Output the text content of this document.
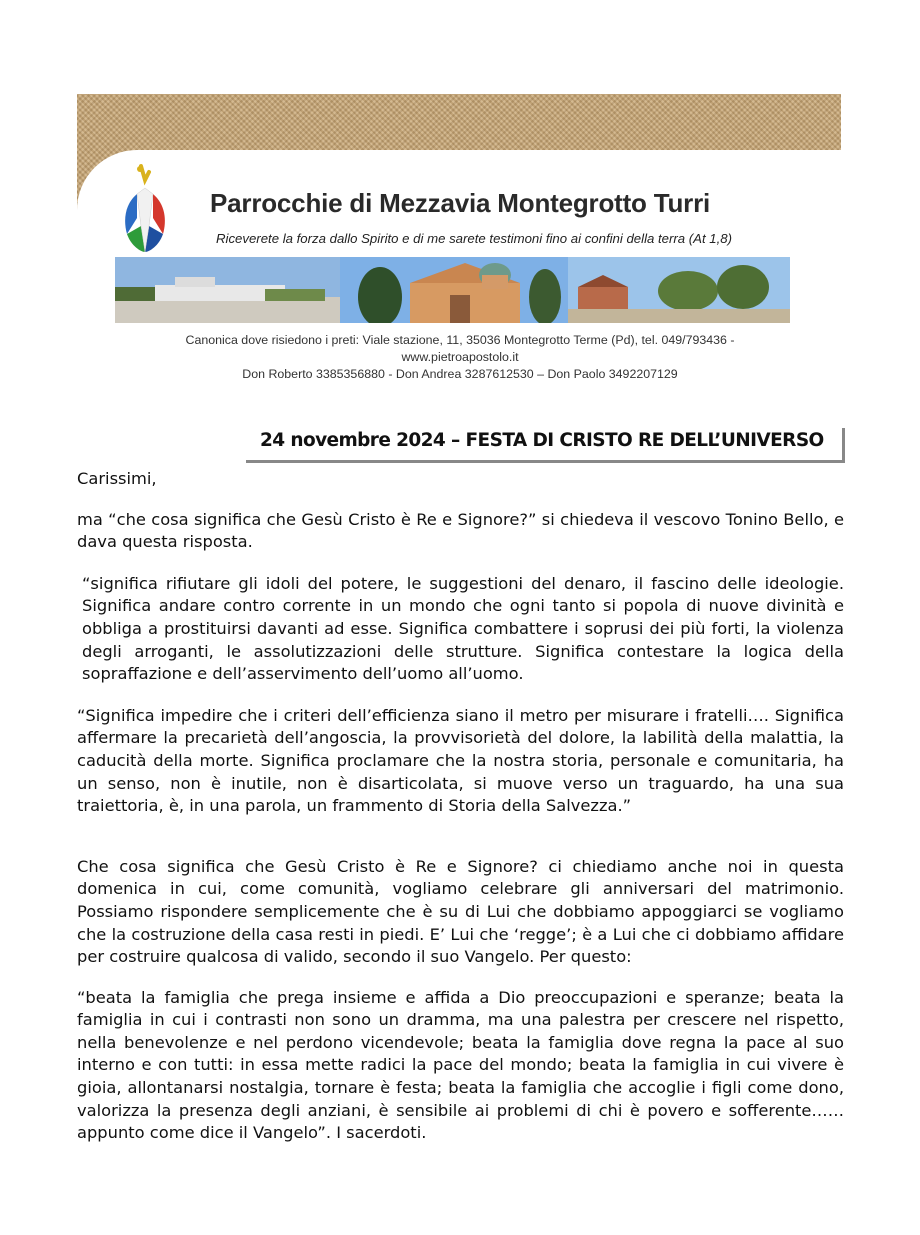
Parrocchie di Mezzavia Montegrotto Turri
Riceverete la forza dallo Spirito e di me sarete testimoni fino ai confini della terra (At 1,8)
Canonica dove risiedono i preti: Viale stazione, 11, 35036 Montegrotto Terme (Pd), tel. 049/793436 -
www.pietroapostolo.it
Don Roberto 3385356880 - Don Andrea 3287612530 – Don Paolo 3492207129
24 novembre 2024 – FESTA DI CRISTO RE DELL’UNIVERSO

Carissimi,

ma “che cosa significa che Gesù Cristo è Re e Signore?” si chiedeva il vescovo Tonino Bello, e dava questa risposta.

“significa rifiutare gli idoli del potere, le suggestioni del denaro, il fascino delle ideologie. Significa andare contro corrente in un mondo che ogni tanto si popola di nuove divinità e obbliga a prostituirsi davanti ad esse. Significa combattere i soprusi dei più forti, la violenza degli arroganti, le assolutizzazioni delle strutture. Significa contestare la logica della sopraffazione e dell’asservimento dell’uomo all’uomo.

“Significa impedire che i criteri dell’efficienza siano il metro per misurare i fratelli…. Significa affermare la precarietà dell’angoscia, la provvisorietà del dolore, la labilità della malattia, la caducità della morte. Significa proclamare che la nostra storia, personale e comunitaria, ha un senso, non è inutile, non è disarticolata, si muove verso un traguardo, ha una sua traiettoria, è, in una parola, un frammento di Storia della Salvezza.”

Che cosa significa che Gesù Cristo è Re e Signore? ci chiediamo anche noi in questa domenica in cui, come comunità, vogliamo celebrare gli anniversari del matrimonio. Possiamo rispondere semplicemente che è su di Lui che dobbiamo appoggiarci se vogliamo che la costruzione della casa resti in piedi. E’ Lui che ‘regge’; è a Lui che ci dobbiamo affidare per costruire qualcosa di valido, secondo il suo Vangelo. Per questo:

“beata la famiglia che prega insieme e affida a Dio preoccupazioni e speranze; beata la famiglia in cui i contrasti non sono un dramma, ma una palestra per crescere nel rispetto, nella benevolenze e nel perdono vicendevole; beata la famiglia dove regna la pace al suo interno e con tutti: in essa mette radici la pace del mondo; beata la famiglia in cui vivere è gioia, allontanarsi nostalgia, tornare è festa; beata la famiglia che accoglie i figli come dono, valorizza la presenza degli anziani, è sensibile ai problemi di chi è povero e sofferente…… appunto come dice il Vangelo”. I sacerdoti.
